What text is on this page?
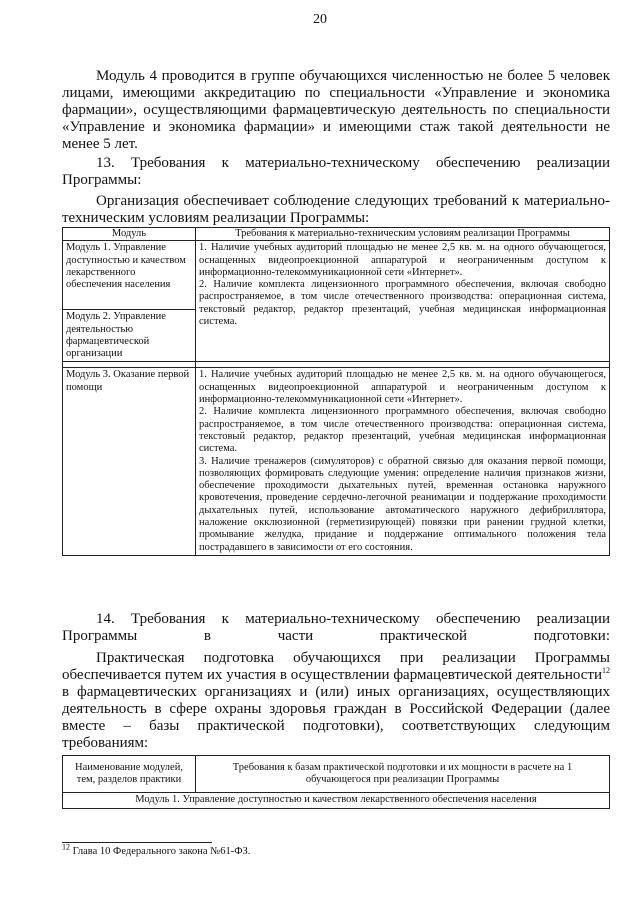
20
Модуль 4 проводится в группе обучающихся численностью не более 5 человек лицами, имеющими аккредитацию по специальности «Управление и экономика фармации», осуществляющими фармацевтическую деятельность по специальности «Управление и экономика фармации» и имеющими стаж такой деятельности не менее 5 лет.
13. Требования к материально-техническому обеспечению реализации Программы:
Организация обеспечивает соблюдение следующих требований к материально-техническим условиям реализации Программы:
Модуль	Требования к материально-техническим условиям реализации Программы
Модуль 1. Управление доступностью и качеством лекарственного обеспечения населения	1. Наличие учебных аудиторий площадью не менее 2,5 кв. м. на одного обучающегося, оснащенных видеопроекционной аппаратурой и неограниченным доступом к информационно-телекоммуникационной сети «Интернет».
2. Наличие комплекта лицензионного программного обеспечения, включая свободно распространяемое, в том числе отечественного производства: операционная система, текстовый редактор, редактор презентаций, учебная медицинская информационная система.

Модуль 2. Управление деятельностью фармацевтической организации	

Модуль 3. Оказание первой помощи	1. Наличие учебных аудиторий площадью не менее 2,5 кв. м. на одного обучающегося, оснащенных видеопроекционной аппаратурой и неограниченным доступом к информационно-телекоммуникационной сети «Интернет».
2. Наличие комплекта лицензионного программного обеспечения, включая свободно распространяемое, в том числе отечественного производства: операционная система, текстовый редактор, редактор презентаций, учебная медицинская информационная система.
3. Наличие тренажеров (симуляторов) с обратной связью для оказания первой помощи, позволяющих формировать следующие умения: определение наличия признаков жизни, обеспечение проходимости дыхательных путей, временная остановка наружного кровотечения, проведение сердечно-легочной реанимации и поддержание проходимости дыхательных путей, использование автоматического наружного дефибриллятора, наложение окклюзионной (герметизирующей) повязки при ранении грудной клетки, промывание желудка, придание и поддержание оптимального положения тела пострадавшего в зависимости от его состояния.
14. Требования к материально-техническому обеспечению реализации Программы в части практической подготовки:
Практическая подготовка обучающихся при реализации Программы обеспечивается путем их участия в осуществлении фармацевтической деятельности$^{12}$ в фармацевтических организациях и (или) иных организациях, осуществляющих деятельность в сфере охраны здоровья граждан в Российской Федерации (далее вместе – базы практической подготовки), соответствующих следующим требованиям:
Наименование модулей, тем, разделов практики	Требования к базам практической подготовки и их мощности в расчете на 1 обучающегося при реализации Программы
Модуль 1. Управление доступностью и качеством лекарственного обеспечения населения
$^{12}$ Глава 10 Федерального закона №61-ФЗ.
